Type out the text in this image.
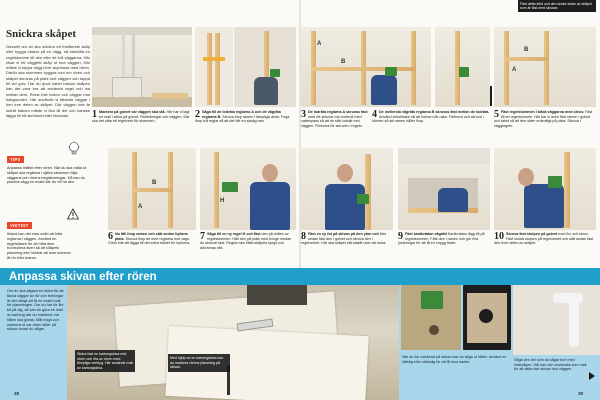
Snickra skåpet
Oavsett om du ska snickra ett fristående skåp eller bygga väskor på en vägg, så bekräfta en regelstomme till den eller de två väggarna. Här visar vi ett väggfritt skåp ut mot väggen. Här måste vi tappa vägg hörn skymmas med rören. Därför ska stommen byggas runt om rören och skåpet skruvas på plats mot väggen och tappa till vid golv. Har du tjock kabel bakom skåpen kan det vara bra att använda regel och isa mellan dem. Rörar inte luckor och väggar mot bakgrunden. Här använde vi tätande väggar i den inre delen av skåpet. Där väggen inte är lodrät bakom måste vi fixa till det och kanske lägga till ett skrivbord eller liknande.
TIPS
Anpassa måttet efter rören. När du ska mäta ut skåpet ska reglarna i själva stommen följa väggens och rörens begränsningar. Då kan du placera vägg en exakt där du vill ha den.
VIKTIGT
Ibland kan det vara svårt att hitta reglarna i väggen. Använd en regelsökare för att hitta dem. Kontrollera även så att skåpets placering inte hindrar att man kommer åt rör eller kranar.
A
B
A
B
Fäst detta stöd och den andra sidan av skåpet som är fäst med skruvar.
1 Markera på golvet var väggen ska stå. Här har vi lagt en mall i skiva på golvet. Rörledningar och väggen. Där ska det sitta ett regelverk för stommen.
2 Såga till de lodräta reglarna A och de vågräta reglarna B. Skruva ihop ramen i lämpliga delar. Foga ihop två reglar så att det blir en stadig ram.
3 De lodräta reglarna A skruvas fast med ett skruvar och kontroll med vattenpass så att de står lodrätt mot väggen. Förborra för skruven i regeln.
4 De mellersta vågräta reglarna B skruvas fast mellan de lodräta. Använd vinkelhake så att hörnen blir raka. Förborra och skruva i hörnen så att ramen håller ihop.
5 Fäst regelstommen i båda väggarna med skruv. Fäst till en regelstomme. Här har vi även fäst ramen i golvet och taket så att den sitter ordentligt på plats. Skruva i väggregeln.
A
B
H
6 Nu fäll ihop ramen och sätt sedan hyllans plats. Skruva ihop de övre reglarna mot vagn. Glöm inte att lägga till det extra stödet för hyllorna.
7 Såga till en ny regel H och fäst den på mitten av regelstommen. Håll den på plats med tvinge medan du skruvar fast. Regeln ska hålla skåpets tyngd och dörrarnas vikt.
8 Fäst en ny fot på skivan på den ytan och fäst sedan fast den i golvet och skruva den i regelverket. Här ska skåpet stå stabilt utan att vicka.
9 Fäst kantbrädan vågrätt Kantbrädan lägg till på regelstommen. Fäst den i ramen och gör fixa justeringar för att få en snygg finish.
10 Skruva fast stolpen på golvet med lim och skruv. Fäst också stolpen på regelverket och sätt sedan fast den övre delen av skåpet.
Anpassa skivan efter rören
Om du ska sågaut en skiva för att täcka väggar av rör och ledningar är det viktigt att få en exakt mall för placeringen. Om du har för lite tid på dig, så kan du göra en mall av kartong där du markerar var hålen ska göras. Mät noga och markera ut var rören sitter på skivan innan du sågar.
Skära fast en kartongskiva mot rören och rita av rören med lämpliga verktyg. Här används mall av kartongskiva.
Med hjälp av en kartongskiva kan du markera rörens placering på skivan.
När du har markerat på skivan kan du såga ut hålen. Använd en hålsåg eller sticksåg för att få rena kanter.	Såga den del som du sågar bort med sticksågen. Här kan den användas som mall för att sätta fast skivan mot väggen.
38	39
